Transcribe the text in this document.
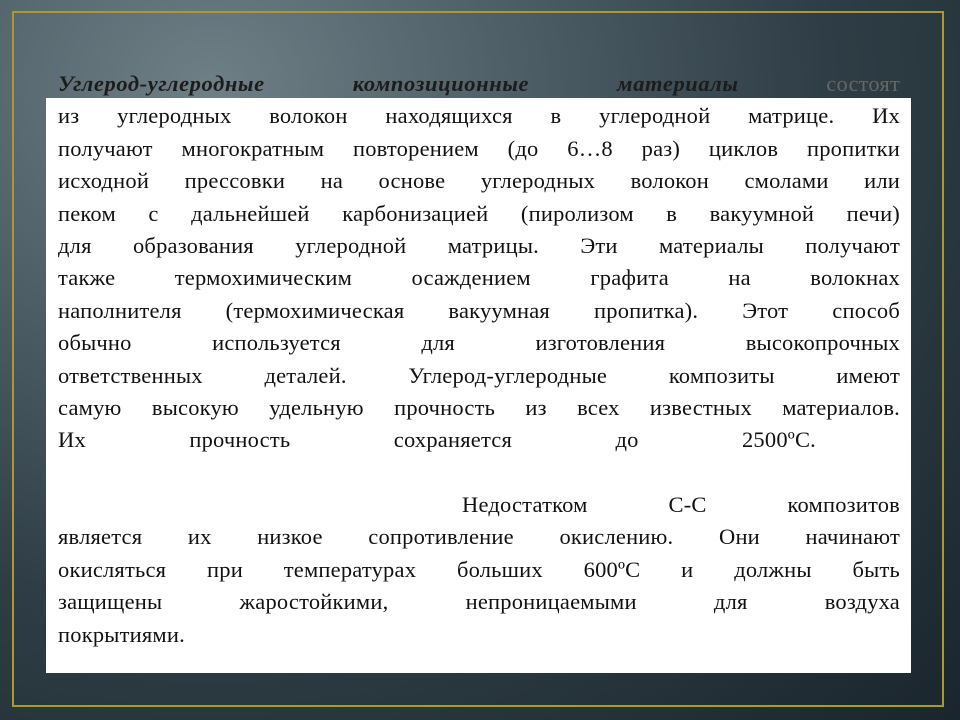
Углерод-углеродные композиционные материалы	состоят
из углеродных волокон находящихся в углеродной матрице. Их
получают многократным повторением (до 6…8 раз) циклов пропитки
исходной прессовки на основе углеродных волокон смолами или
пеком с дальнейшей карбонизацией (пиролизом в вакуумной печи)
для образования углеродной матрицы. Эти материалы получают
также термохимическим осаждением графита на волокнах
наполнителя (термохимическая вакуумная пропитка). Этот способ
обычно используется для изготовления высокопрочных
ответственных деталей. Углерод-углеродные композиты имеют
самую высокую удельную прочность из всех известных материалов.
Их прочность сохраняется до 2500ºС.
Недостатком С-С композитов
является их низкое сопротивление окислению. Они начинают
окисляться при температурах больших 600ºС и должны быть
защищены жаростойкими, непроницаемыми для воздуха
покрытиями.
